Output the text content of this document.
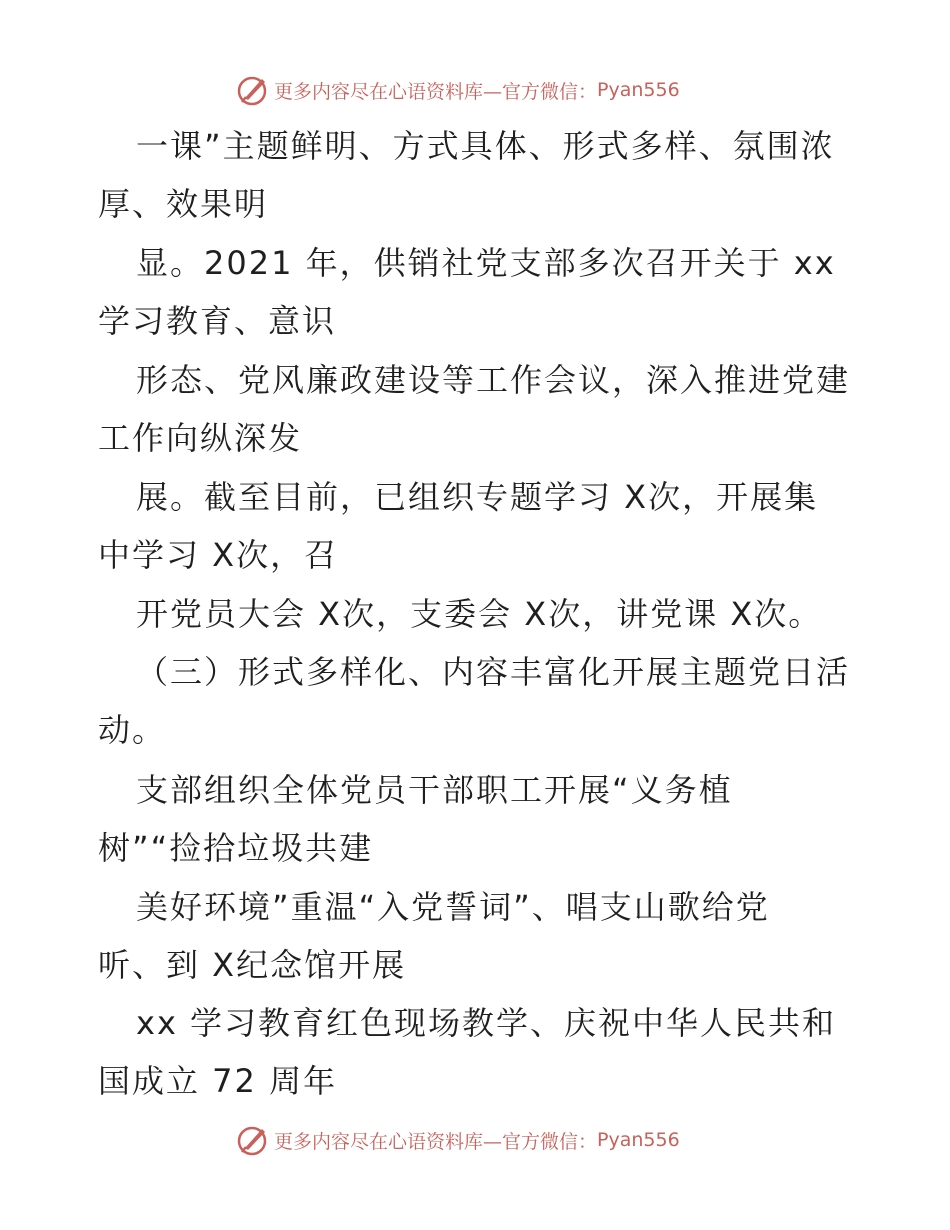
更多内容尽在心语资料库—官方微信： Pyan556
一课”主题鲜明、方式具体、形式多样、氛围浓
厚、效果明
显。2021 年，供销社党支部多次召开关于 xx
学习教育、意识
形态、党风廉政建设等工作会议，深入推进党建
工作向纵深发
展。截至目前，已组织专题学习 X次，开展集
中学习 X次，召
开党员大会 X次，支委会 X次，讲党课 X次。
（三）形式多样化、内容丰富化开展主题党日活
动。
支部组织全体党员干部职工开展“义务植
树”“捡拾垃圾共建
美好环境”重温“入党誓词”、唱支山歌给党
听、到 X纪念馆开展
xx 学习教育红色现场教学、庆祝中华人民共和
国成立 72 周年
更多内容尽在心语资料库—官方微信： Pyan556
